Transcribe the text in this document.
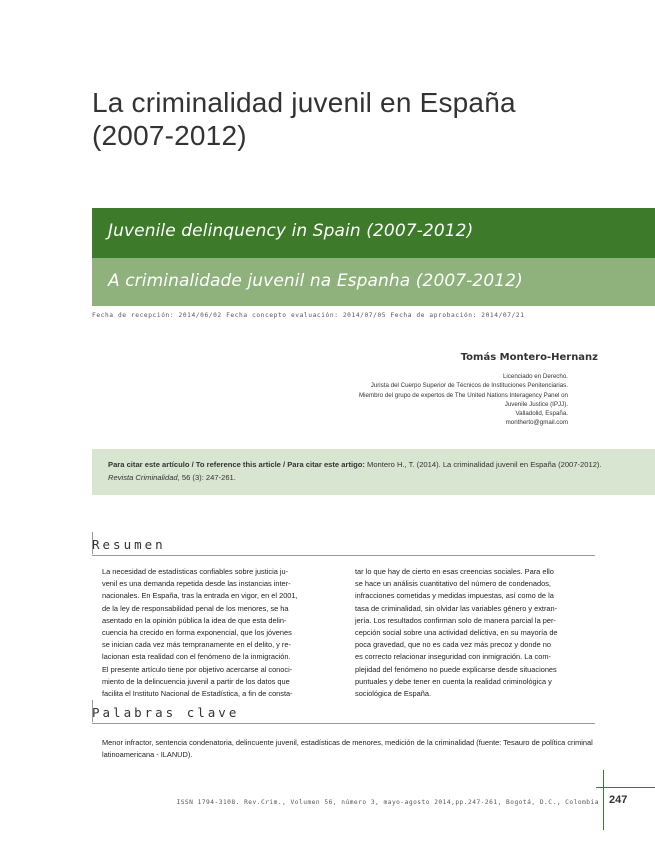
La criminalidad juvenil en España
(2007-2012)
Juvenile delinquency in Spain (2007-2012)
A criminalidade juvenil na Espanha (2007-2012)
Fecha de recepción: 2014/06/02 Fecha concepto evaluación: 2014/07/05 Fecha de aprobación: 2014/07/21
Tomás Montero-Hernanz
Licenciado en Derecho.
Jurista del Cuerpo Superior de Técnicos de Instituciones Penitenciarias.
Miembro del grupo de expertos de The United Nations Interagency Panel on
Juvenile Justice (IPJJ).
Valladolid, España.
montherto@gmail.com
Para citar este artículo / To reference this article / Para citar este artigo: Montero H., T. (2014). La criminalidad juvenil en España (2007-2012). Revista Criminalidad, 56 (3): 247-261.
Resumen
La necesidad de estadísticas confiables sobre justicia ju-
venil es una demanda repetida desde las instancias inter-
nacionales. En España, tras la entrada en vigor, en el 2001,
de la ley de responsabilidad penal de los menores, se ha
asentado en la opinión pública la idea de que esta delin-
cuencia ha crecido en forma exponencial, que los jóvenes
se inician cada vez más tempranamente en el delito, y re-
lacionan esta realidad con el fenómeno de la inmigración.
El presente artículo tiene por objetivo acercarse al conoci-
miento de la delincuencia juvenil a partir de los datos que
facilita el Instituto Nacional de Estadística, a fin de consta-
tar lo que hay de cierto en esas creencias sociales. Para ello
se hace un análisis cuantitativo del número de condenados,
infracciones cometidas y medidas impuestas, así como de la
tasa de criminalidad, sin olvidar las variables género y extran-
jería. Los resultados confirman solo de manera parcial la per-
cepción social sobre una actividad delictiva, en su mayoría de
poca gravedad, que no es cada vez más precoz y donde no
es correcto relacionar inseguridad con inmigración. La com-
plejidad del fenómeno no puede explicarse desde situaciones
puntuales y debe tener en cuenta la realidad criminológica y
sociológica de España.
Palabras clave
Menor infractor, sentencia condenatoria, delincuente juvenil, estadísticas de menores, medición de la criminalidad (fuente: Tesauro de política criminal latinoamericana - ILANUD).
ISSN 1794-3108. Rev.Crim., Volumen 56, número 3, mayo-agosto 2014,pp.247-261, Bogotá, D.C., Colombia 247
